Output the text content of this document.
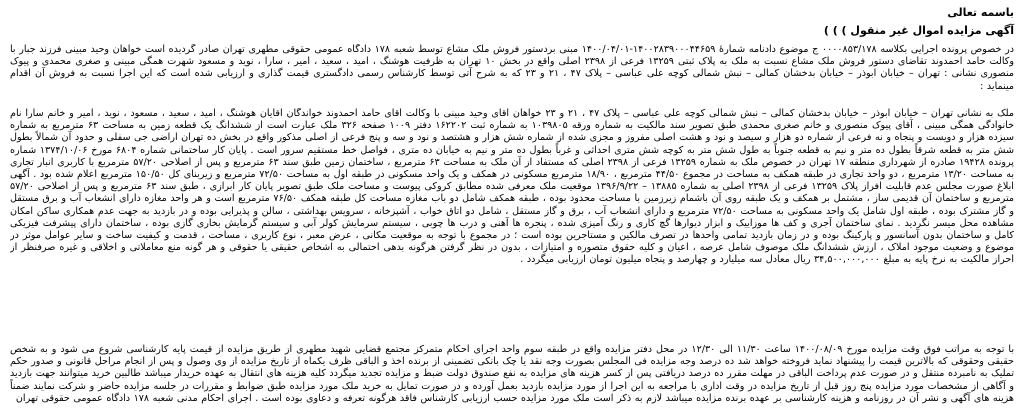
باسمه تعالی
آگهی مزایده اموال غیر منقول ) ) )

در خصوص پرونده اجرایی بکلاسه ۰۰۰۰۸۵۳/۱۷۸ ج موضوع دادنامه شمارۀ ۱۴۰۰۲۸۳۹۰۰۰۴۴۶۵۹-۱۴۰۰/۰۴/۰۱ مبنی بردستور فروش ملک مشاع توسط شعبه ۱۷۸ دادگاه عمومی حقوقی مطهری تهران صادر گردیده است خواهان وحید مبینی فرزند جبار با وکالت حامد احمدوند تقاضای دستور فروش ملک مشاع نسبت به ملک به پلاک ثبتی ۱۳۲۵۹ فرعی از ۲۳۹۸ اصلی واقع در بخش ۱۰ تهران به ظرفیت هوشنگ ، امید ، سعید ، امیر ، سارا ، نوید و مسعود شهرت همگی مبینی و صغری محمدی و پیوک منصوری نشانی : تهران – خیابان ابوذر – خیابان بدخشان کمالی – نبش شمالی کوچه علی عباسی – پلاک ۴۷ ، ۲۱ و ۲۳ که به شرح آتی توسط کارشناس رسمی دادگستری قیمت گذاری و ارزیابی شده است که این اجرا نسبت به فروش آن اقدام مینماید :

ملک به نشانی تهران – خیابان ابوذر – خیابان بدخشان کمالی – نبش شمالی کوچه علی عباسی – پلاک ۴۷ ، ۲۱ و ۲۳ خواهان آقای وحید مبینی با وکالت آقای حامد احمدوند خواندگان آقایان هوشنگ ، امید ، سعید ، مسعود ، نوید ، امیر و خانم سارا نام خانوادگی همگی مبینی ، آقای پیوک منصوری و خانم صغری محمدی طبق تصویر سند مالکیت به شماره ورقه ۱۰۳۹۸۰۵ به شماره ثبت ۱۶۲۲۰۲ دفتر ۱۰۰۹ صفحه ۳۲۶ ملک عبارت است از ششدانگ یک قطعه زمین به مساحت ۶۳ مترمربع به شماره سیزده هزار و دویست و پنجاه و نه فرعی از شماره دو هزار و سیصد و نود و هشت اصلی مفروز و مجزی شده از شماره شش هزار و هشتصد و نود و سه و پنج فرعی از اصلی مذکور واقع در بخش ده تهران اراضی جی سفلی و حدود آن شمالاً بطول شش متر به قطعه شرقاً بطول ده متر و نیم به قطعه جنوباً به طول شش متر به کوچه شش متری احداثی و غرباً بطول ده متر و نیم به خیابان ده متری ، فواصل خط مستقیم سرور است . پایان کار ساختمانی شماره ۶۸۰۴ مورخ ۱۳۷۴/۱۰/۰۶ شماره پرونده ۱۹۴۲۸ صادره از شهرداری منطقه ۱۷ تهران در خصوص ملک به شماره ۱۳۲۵۹ فرعی از ۲۳۹۸ اصلی که مستفاد از آن ملک به مساحت ۶۳ مترمربع ، ساختمان زمین طبق سند ۶۳ مترمربع و پس از اصلاحی ۵۷/۲۰ مترمربع با کاربری انبار تجاری به مساحت ۱۳/۲۰ مترمربع ، دو واحد تجاری در طبقه همکف به مساحت در مجموع ۴۴/۵۰ مترمربع ، ۱۸/۹۰ مترمربع مسکونی در همکف و یک واحد مسکونی در طبقه اول به مساحت ۷۲/۵۰ مترمربع و زیربنای کل ۱۵۰/۵۰ مترمربع اعلام شده بود . آگهی ابلاغ صورت مجلس عدم قابلیت افراز پلاک ۱۳۲۵۹ فرعی از ۲۳۹۸ اصلی به شماره ۱۳۸۸۵ – ۱۳۹۶/۹/۲۲ موقعیت ملک معرفی شده مطابق کروکی پیوست و مساحت ملک طبق تصویر پایان کار ابرازی ، طبق سند ۶۳ مترمربع و پس از اصلاحی ۵۷/۲۰ مترمربع و ساختمان آن قدیمی ساز ، مشتمل بر همکف و یک طبقه روی آن باشمام زیرزمین با مساحت محدود بوده ، طبقه همکف شامل دو باب مغازه مساحت کل طبقه همکف ۷۶/۵۰ مترمربع است و هر واحد مغازه دارای انشعاب آب و برق مستقل و گاز مشترک بوده ، طبقه اول شامل یک واحد مسکونی به مساحت ۷۲/۵۰ مترمربع و دارای انشعاب آب ، برق و گاز مستقل ، شامل دو اتاق خواب ، آشپزخانه ، سرویس بهداشتی ، سالن و پذیرایی بوده و در بازدید به جهت عدم همکاری ساکن امکان مشاهده محل میسر نگردید . نمای ساختمان آجری و کف ها موزاییک و ابزار دیوارها گچ کاری و رنگ آمیزی شده ، پنجره ها آهنی و درب ها چوبی ، سیستم سرمایش کولر آبی و سیستم گرمایش بخاری گازی بوده ، ساختمان دارای پیشرفت فیزیکی کامل و ساختمان بدون آسانسور و پارکینگ بوده و در زمان بازدید تمامی واحدها در تصرف مالکین و مستاجرین بوده است ؛ در مجموع با توجه به موقعیت مکانی ، عرض معبر ، نوع کاربری ، مساحت ، قدمت و کیفیت ساخت و سایر عوامل موثر در موضوع و وضعیت موجود املاک ، ارزش ششدانگ ملک موصوف شامل عرصه ، اعیان و کلیه حقوق متصوره و امتیازات ، بدون در نظر گرفتن هرگونه بدهی احتمالی به اشخاص حقیقی یا حقوقی و هر گونه منع معاملاتی و اخلاقی و غیره صرفنظر از احراز مالکیت به نرخ پایه به مبلغ ۳۴,۵۰۰,۰۰۰,۰۰۰ ریال معادل سه میلیارد و چهارصد و پنجاه میلیون تومان ارزیابی میگردد .

با توجه به مراتب فوق وقت مزایده مورخ ۱۴۰۰/۰۸/۰۹ ساعت ۱۱/۳۰ الی ۱۲/۳۰ در محل دفتر مزایده واقع در طبقه سوم واحد اجرای احکام متمرکز مجتمع قضایی شهید مطهری از طریق مزایده از قیمت پایه کارشناسی شروع می شود و به شخص حقیقی وحقوقی که بالاترین قیمت را پیشنهاد نماید فروخته خواهد شد ده درصد وجه مزایده فی المجلس بصورت وجه نقد یا چک بانکی تضمینی از برنده اخذ و الباقی ظرف یکماه از تاریخ مزایده از وی وصول و پس از انجام مراحل قانونی و صدور حکم تملیک به نامبرده منتقل و در صورت عدم پرداخت الباقی در مهلت مقرر ده درصد دریافتی پس از کسر هزینه های مزایده به نفع صندوق دولت ضبط و مزایده تجدید میگردد کلیه هزینه های انتقال به عهده خریدار میباشد طالبین خرید میتوانند جهت بازدید و آگاهی از مشخصات مورد مزایده پنج روز قبل از تاریخ مزایده در وقت اداری با مراجعه به این اجرا از مورد مزایده بازدید بعمل آورده و در صورت تمایل به خرید ملک مورد مزایده طبق ضوابط و مقررات در جلسه مزایده حاضر و شرکت نمایند ضمناً هزینه های آگهی و نشر آن در روزنامه و هزینه کارشناسی بر عهده برنده مزایده میباشد لازم به ذکر است ملک مورد مزایده حسب ارزیابی کارشناس فاقد هرگونه تعرفه و دعاوی بوده است . اجرای احکام مدنی شعبه ۱۷۸ دادگاه عمومی حقوقی تهران
